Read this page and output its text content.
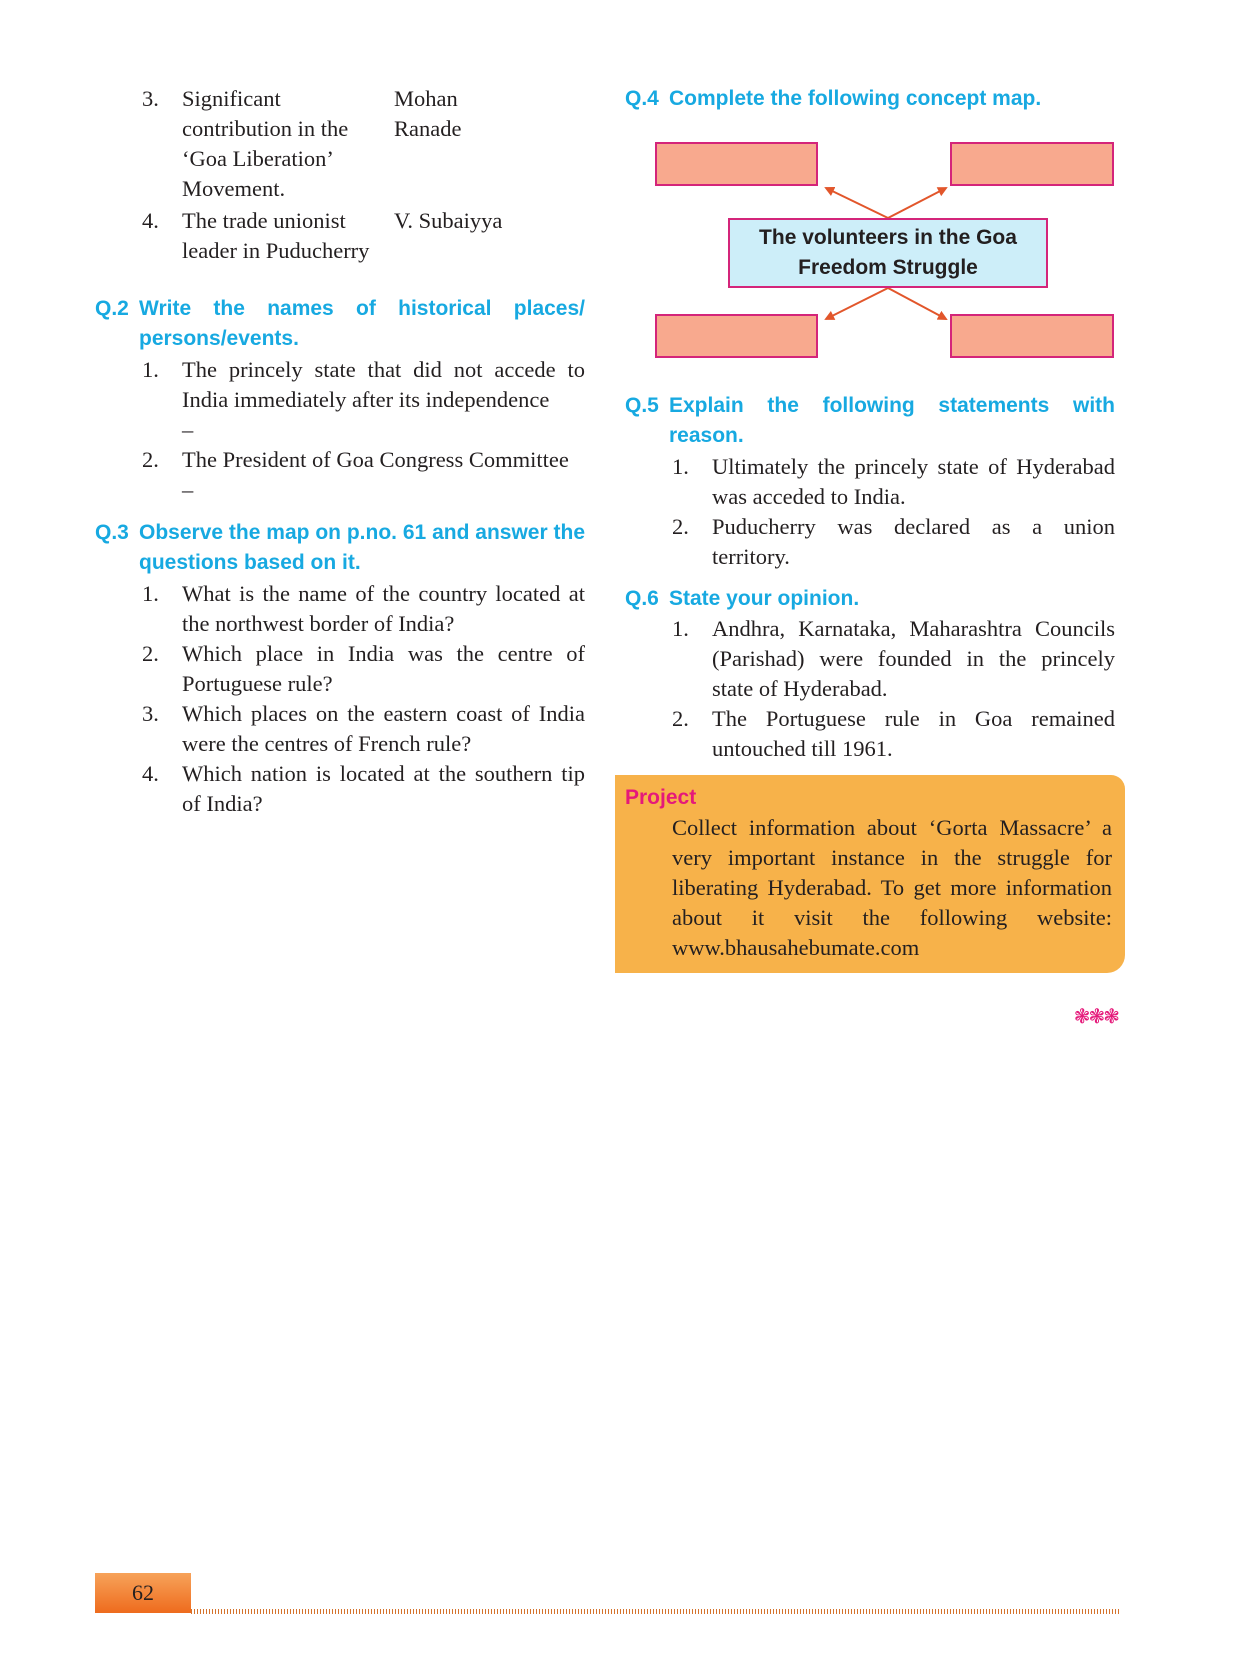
3.	Significant
contribution in the
‘Goa Liberation’
Movement.
Mohan
Ranade
4.	The trade unionist
leader in Puducherry
V. Subaiyya
Q.2 Write the names of historical places/ persons/events.
1. The princely state that did not accede to India immediately after its independence
–
2. The President of Goa Congress Committee
–
Q.3 Observe the map on p.no. 61 and answer the questions based on it.
1. What is the name of the country located at the northwest border of India?
2. Which place in India was the centre of Portuguese rule?
3. Which places on the eastern coast of India were the centres of French rule?
4. Which nation is located at the southern tip of India?
Q.4 Complete the following concept map.
The volunteers in the Goa
Freedom Struggle
Q.5 Explain the following statements with reason.
1. Ultimately the princely state of Hyderabad was acceded to India.
2. Puducherry was declared as a union territory.
Q.6 State your opinion.
1. Andhra, Karnataka, Maharashtra Councils (Parishad) were founded in the princely state of Hyderabad.
2. The Portuguese rule in Goa remained untouched till 1961.
Project
Collect information about ‘Gorta Massacre’ a very important instance in the struggle for liberating Hyderabad. To get more information about it visit the following website: www.bhausahebumate.com
❃❃❃
62
